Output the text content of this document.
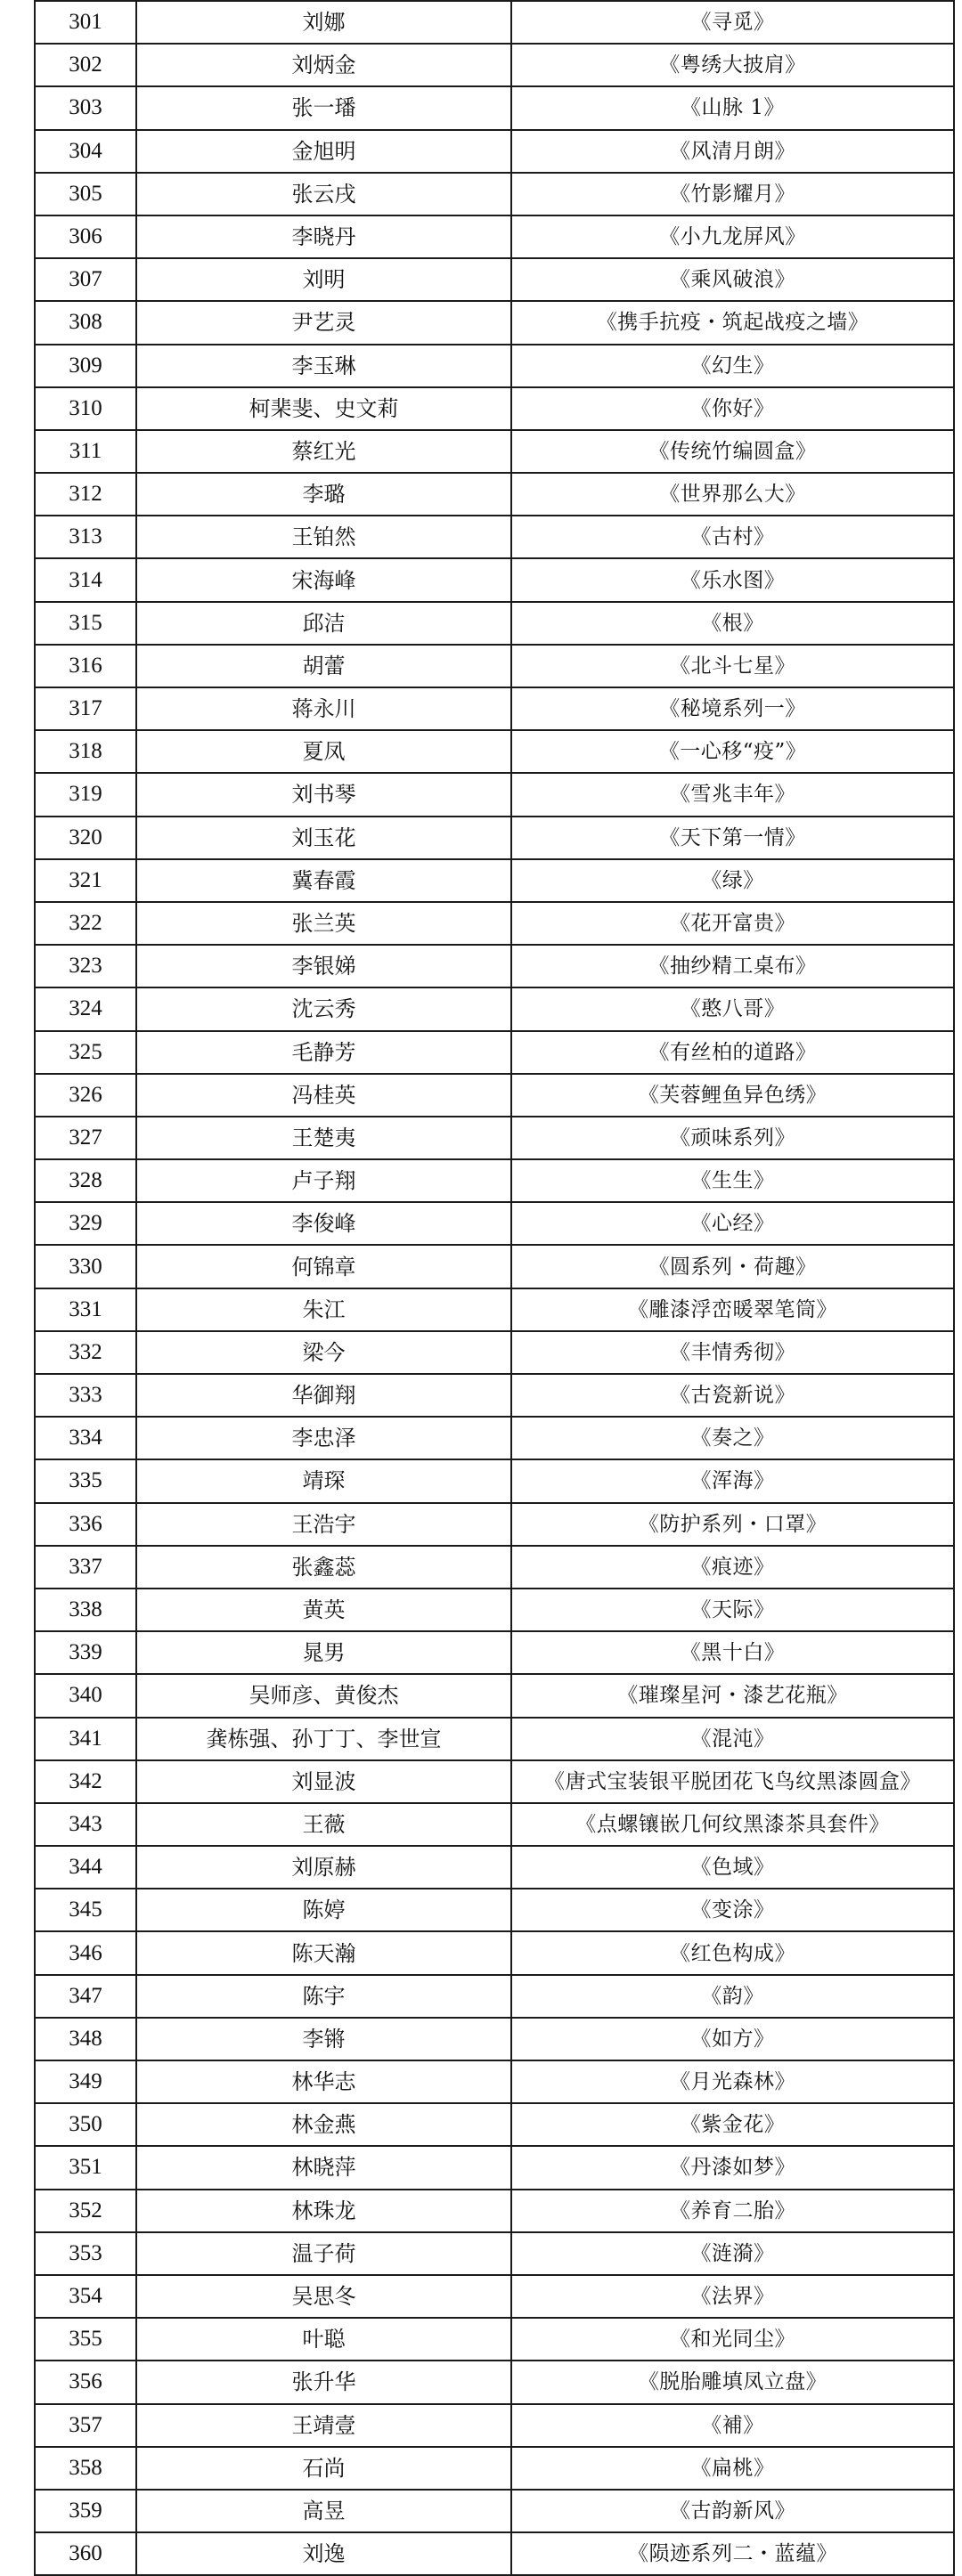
301	刘娜	《寻觅》
302	刘炳金	《粤绣大披肩》
303	张一璠	《山脉 1》
304	金旭明	《风清月朗》
305	张云戌	《竹影耀月》
306	李晓丹	《小九龙屏风》
307	刘明	《乘风破浪》
308	尹艺灵	《携手抗疫・筑起战疫之墙》
309	李玉琳	《幻生》
310	柯棐斐、史文莉	《你好》
311	蔡红光	《传统竹编圆盒》
312	李璐	《世界那么大》
313	王铂然	《古村》
314	宋海峰	《乐水图》
315	邱洁	《根》
316	胡蕾	《北斗七星》
317	蒋永川	《秘境系列一》
318	夏凤	《一心移“疫”》
319	刘书琴	《雪兆丰年》
320	刘玉花	《天下第一情》
321	冀春霞	《绿》
322	张兰英	《花开富贵》
323	李银娣	《抽纱精工桌布》
324	沈云秀	《憨八哥》
325	毛静芳	《有丝柏的道路》
326	冯桂英	《芙蓉鲤鱼异色绣》
327	王楚夷	《顽味系列》
328	卢子翔	《生生》
329	李俊峰	《心经》
330	何锦章	《圆系列・荷趣》
331	朱江	《雕漆浮峦暖翠笔筒》
332	梁今	《丰情秀彻》
333	华御翔	《古瓷新说》
334	李忠泽	《奏之》
335	靖琛	《浑海》
336	王浩宇	《防护系列・口罩》
337	张鑫蕊	《痕迹》
338	黄英	《天际》
339	晁男	《黑十白》
340	吴师彦、黄俊杰	《璀璨星河・漆艺花瓶》
341	龚栋强、孙丁丁、李世宣	《混沌》
342	刘显波	《唐式宝装银平脱团花飞鸟纹黑漆圆盒》
343	王薇	《点螺镶嵌几何纹黑漆茶具套件》
344	刘原赫	《色域》
345	陈婷	《变涂》
346	陈天瀚	《红色构成》
347	陈宇	《韵》
348	李锵	《如方》
349	林华志	《月光森林》
350	林金燕	《紫金花》
351	林晓萍	《丹漆如梦》
352	林珠龙	《养育二胎》
353	温子荷	《涟漪》
354	吴思冬	《法界》
355	叶聪	《和光同尘》
356	张升华	《脱胎雕填凤立盘》
357	王靖壹	《補》
358	石尚	《扁桃》
359	高昱	《古韵新风》
360	刘逸	《陨迹系列二・蓝蕴》
